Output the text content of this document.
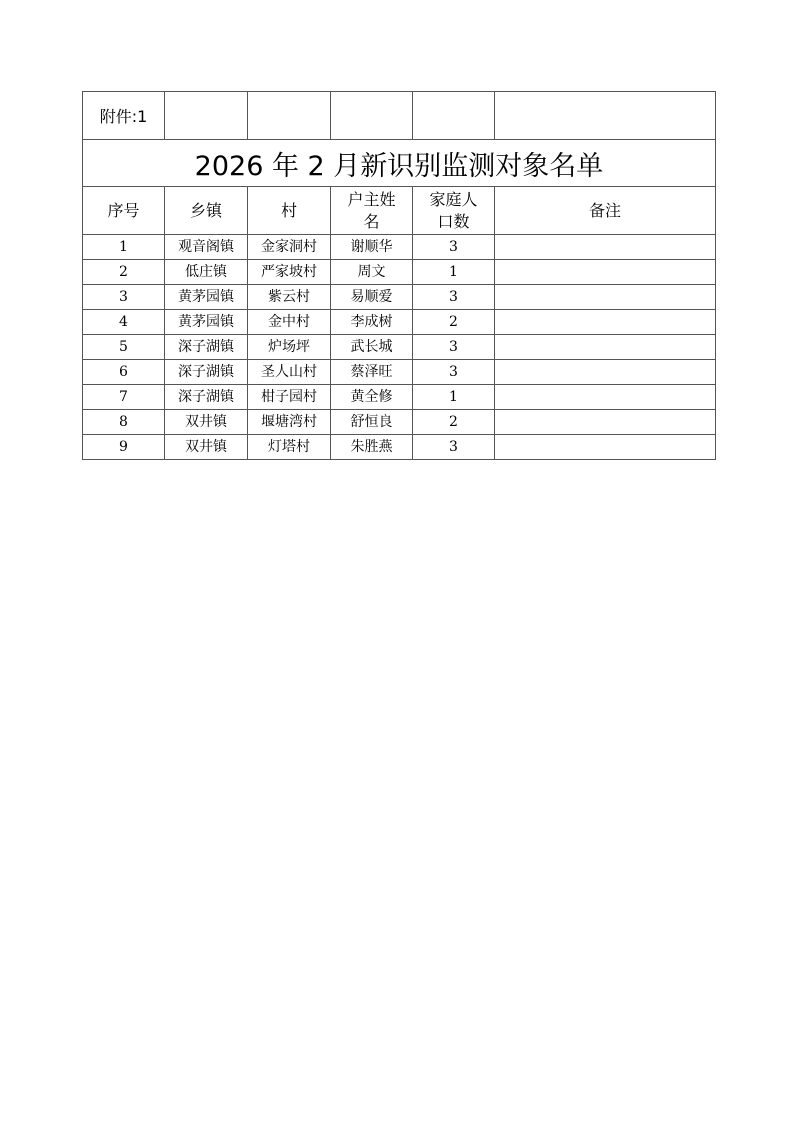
附件:1					
2026 年 2 月新识别监测对象名单					
序号	乡镇	村	户主姓名	家庭人口数	备注
1	观音阁镇	金家洞村	谢顺华	3	
2	低庄镇	严家坡村	周文	1	
3	黄茅园镇	紫云村	易顺爱	3	
4	黄茅园镇	金中村	李成树	2	
5	深子湖镇	炉场坪	武长城	3	
6	深子湖镇	圣人山村	蔡泽旺	3	
7	深子湖镇	柑子园村	黄全修	1	
8	双井镇	堰塘湾村	舒恒良	2	
9	双井镇	灯塔村	朱胜燕	3	
